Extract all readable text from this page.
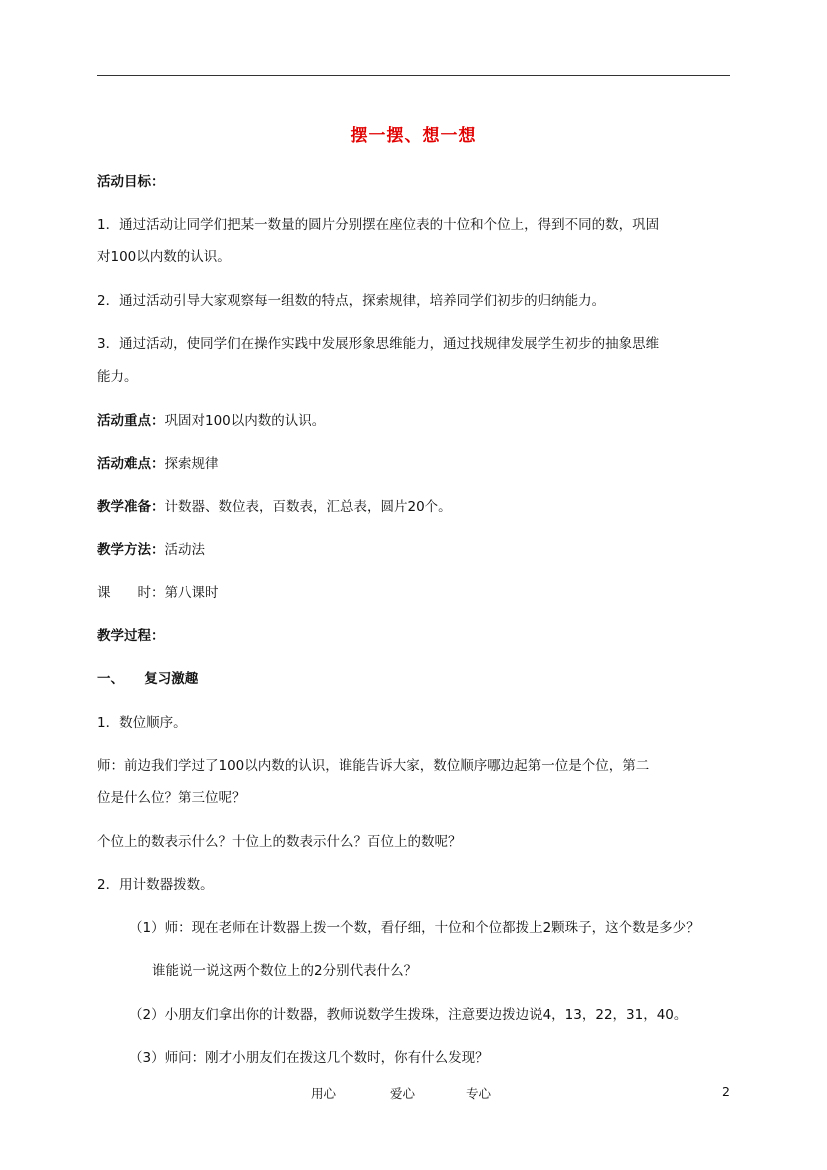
摆一摆、想一想
活动目标：
1．通过活动让同学们把某一数量的圆片分别摆在座位表的十位和个位上，得到不同的数，巩固
对100以内数的认识。
2．通过活动引导大家观察每一组数的特点，探索规律，培养同学们初步的归纳能力。
3．通过活动，使同学们在操作实践中发展形象思维能力，通过找规律发展学生初步的抽象思维
能力。
活动重点：巩固对100以内数的认识。
活动难点：探索规律
教学准备：计数器、数位表，百数表，汇总表，圆片20个。
教学方法：活动法
课　　时：第八课时
教学过程：
一、　　复习激趣
1．数位顺序。
师：前边我们学过了100以内数的认识，谁能告诉大家，数位顺序哪边起第一位是个位，第二
位是什么位？第三位呢？
个位上的数表示什么？十位上的数表示什么？百位上的数呢？
2．用计数器拨数。
（1）师：现在老师在计数器上拨一个数，看仔细，十位和个位都拨上2颗珠子，这个数是多少？
谁能说一说这两个数位上的2分别代表什么？
（2）小朋友们拿出你的计数器，教师说数学生拨珠，注意要边拨边说4，13，22，31，40。
（3）师问：刚才小朋友们在拨这几个数时，你有什么发现？
用心	爱心	专心	2
